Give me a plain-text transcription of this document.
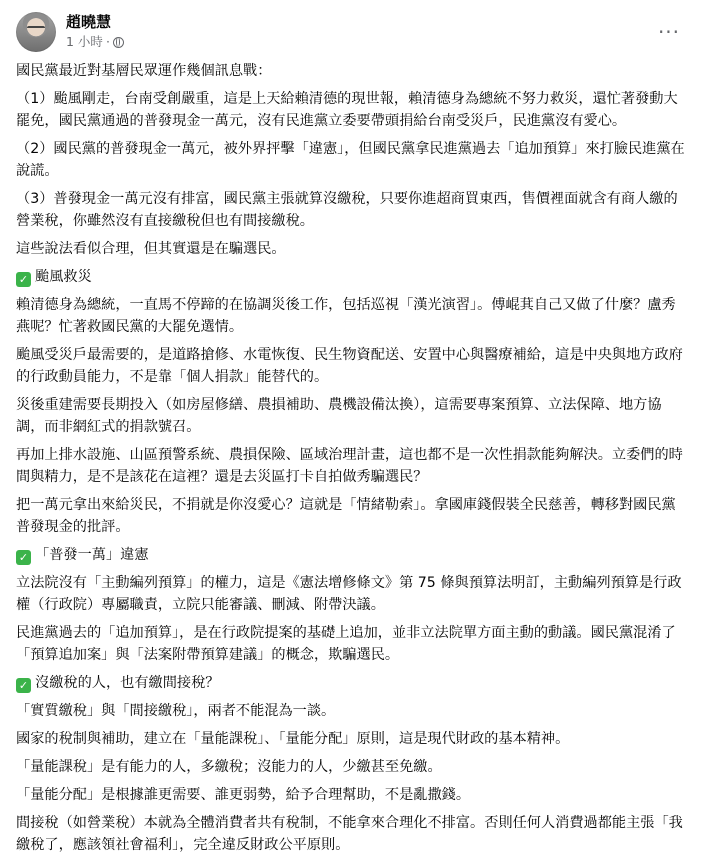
趙曉慧
1 小時 ·	···

國民黨最近對基層民眾運作幾個訊息戰：

（1）颱風剛走，台南受創嚴重，這是上天給賴清德的現世報，賴清德身為總統不努力救災，還忙著發動大罷免，國民黨通過的普發現金一萬元，沒有民進黨立委要帶頭捐給台南受災戶，民進黨沒有愛心。

（2）國民黨的普發現金一萬元，被外界抨擊「違憲」，但國民黨拿民進黨過去「追加預算」來打臉民進黨在說謊。

（3）普發現金一萬元沒有排富，國民黨主張就算沒繳稅，只要你進超商買東西，售價裡面就含有商人繳的營業稅，你雖然沒有直接繳稅但也有間接繳稅。

這些說法看似合理，但其實還是在騙選民。

✓ 颱風救災

賴清德身為總統，一直馬不停蹄的在協調災後工作，包括巡視「漢光演習」。傅崐萁自己又做了什麼？盧秀燕呢？忙著救國民黨的大罷免選情。

颱風受災戶最需要的，是道路搶修、水電恢復、民生物資配送、安置中心與醫療補給，這是中央與地方政府的行政動員能力，不是靠「個人捐款」能替代的。

災後重建需要長期投入（如房屋修繕、農損補助、農機設備汰換），這需要專案預算、立法保障、地方協調，而非網紅式的捐款號召。

再加上排水設施、山區預警系統、農損保險、區域治理計畫，這也都不是一次性捐款能夠解決。立委們的時間與精力，是不是該花在這裡？還是去災區打卡自拍做秀騙選民？

把一萬元拿出來給災民，不捐就是你沒愛心？這就是「情緒勒索」。拿國庫錢假裝全民慈善，轉移對國民黨普發現金的批評。

✓ 「普發一萬」違憲

立法院沒有「主動編列預算」的權力，這是《憲法增修條文》第 75 條與預算法明訂，主動編列預算是行政權（行政院）專屬職責，立院只能審議、刪減、附帶決議。

民進黨過去的「追加預算」，是在行政院提案的基礎上追加，並非立法院單方面主動的動議。國民黨混淆了「預算追加案」與「法案附帶預算建議」的概念，欺騙選民。

✓ 沒繳稅的人，也有繳間接稅？

「實質繳稅」與「間接繳稅」，兩者不能混為一談。

國家的稅制與補助，建立在「量能課稅」、「量能分配」原則，這是現代財政的基本精神。

「量能課稅」是有能力的人，多繳稅；沒能力的人，少繳甚至免繳。

「量能分配」是根據誰更需要、誰更弱勢，給予合理幫助，不是亂撒錢。

間接稅（如營業稅）本就為全體消費者共有稅制，不能拿來合理化不排富。否則任何人消費過都能主張「我繳稅了，應該領社會福利」，完全違反財政公平原則。
